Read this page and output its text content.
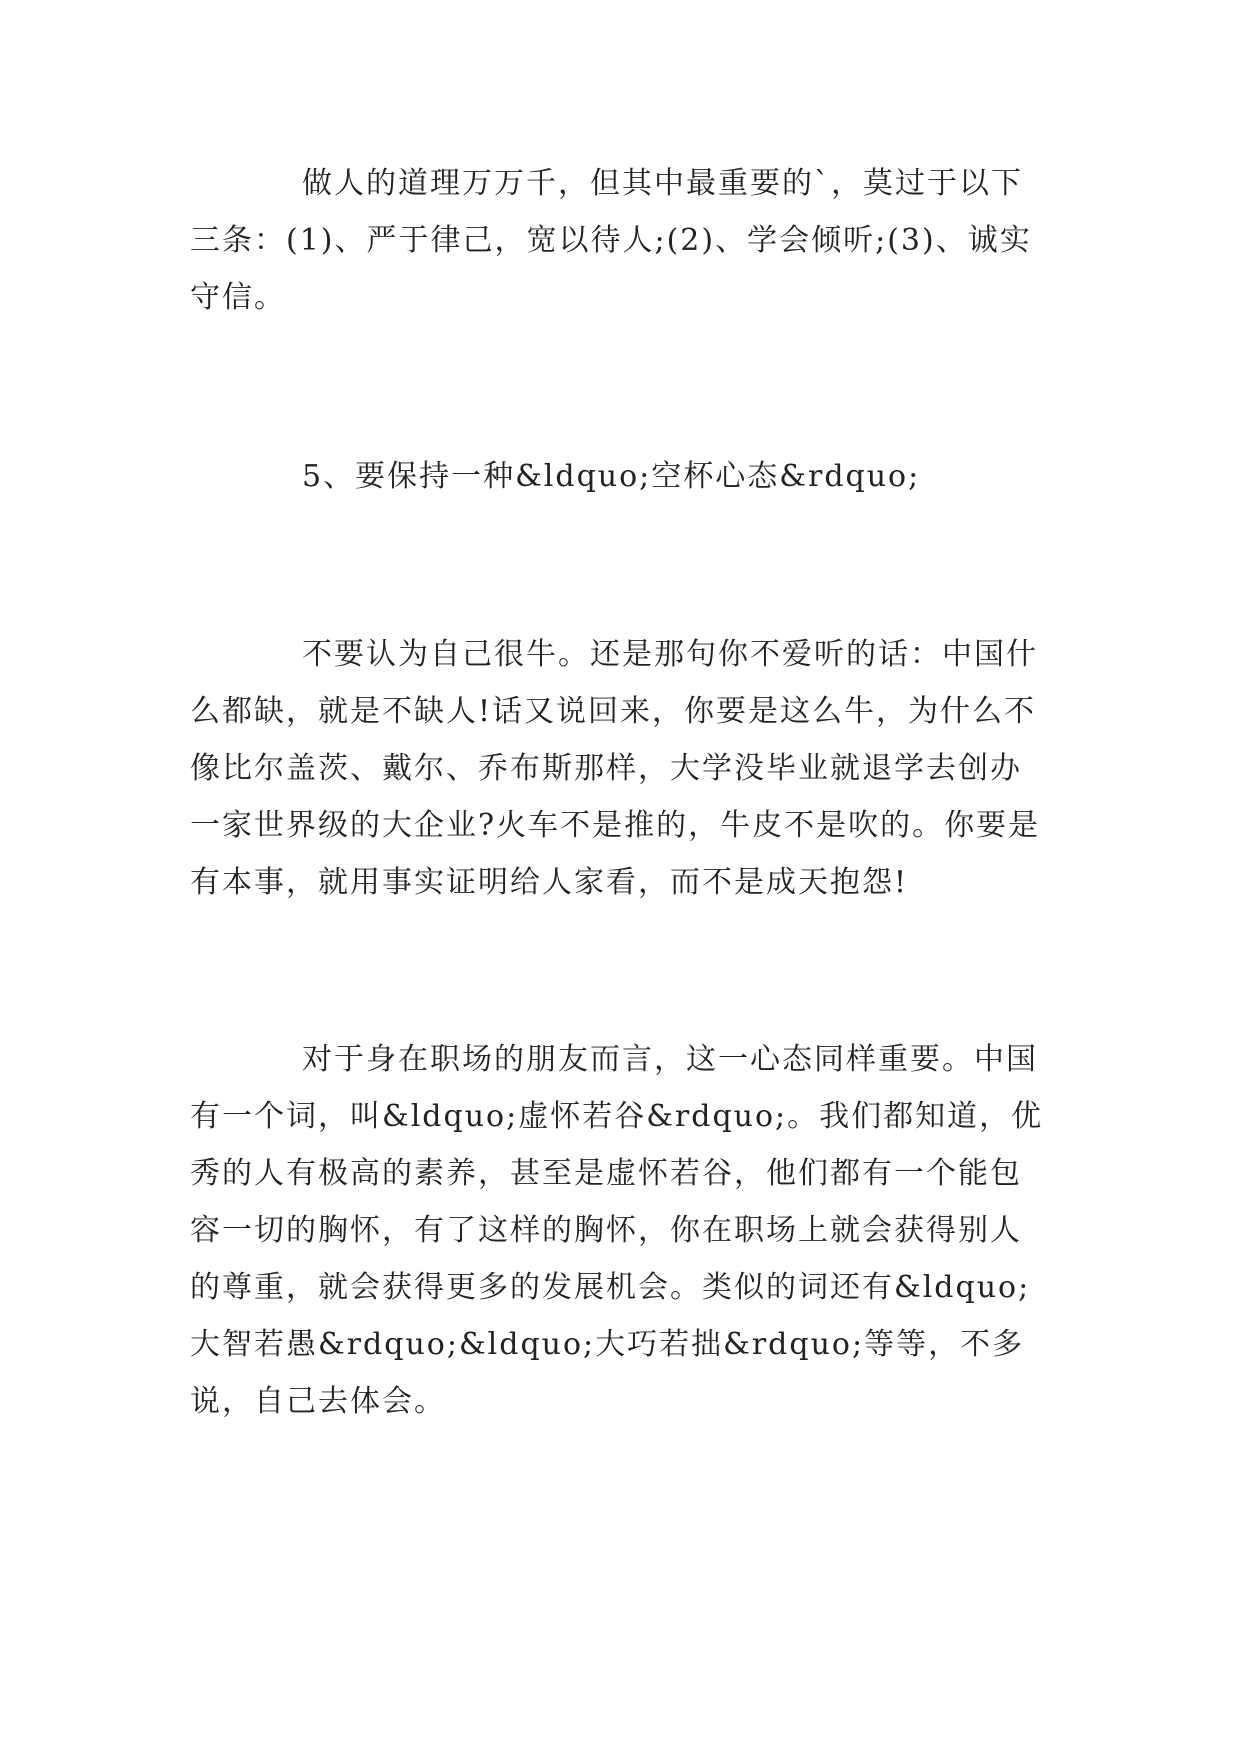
做人的道理万万千，但其中最重要的`，莫过于以下三条：(1)、严于律己，宽以待人;(2)、学会倾听;(3)、诚实守信。

5、要保持一种&ldquo;空杯心态&rdquo;

不要认为自己很牛。还是那句你不爱听的话：中国什么都缺，就是不缺人!话又说回来，你要是这么牛，为什么不像比尔盖茨、戴尔、乔布斯那样，大学没毕业就退学去创办一家世界级的大企业?火车不是推的，牛皮不是吹的。你要是有本事，就用事实证明给人家看，而不是成天抱怨!

对于身在职场的朋友而言，这一心态同样重要。中国有一个词，叫&ldquo;虚怀若谷&rdquo;。我们都知道，优秀的人有极高的素养，甚至是虚怀若谷，他们都有一个能包容一切的胸怀，有了这样的胸怀，你在职场上就会获得别人的尊重，就会获得更多的发展机会。类似的词还有&ldquo;大智若愚&rdquo;&ldquo;大巧若拙&rdquo;等等，不多说，自己去体会。
